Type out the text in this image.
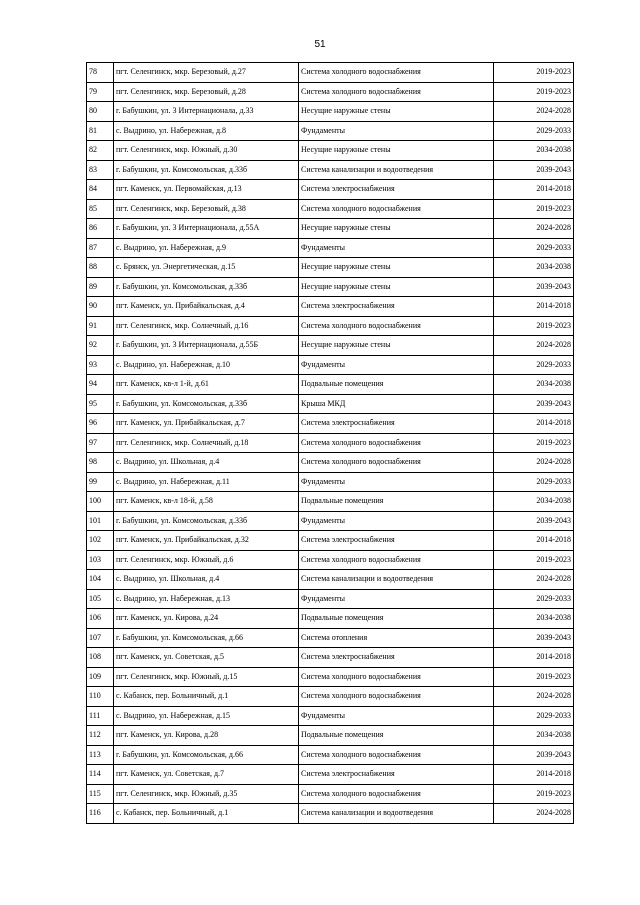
51
78	пгт. Селенгинск, мкр. Березовый, д.27	Система холодного водоснабжения	2019-2023
79	пгт. Селенгинск, мкр. Березовый, д.28	Система холодного водоснабжения	2019-2023
80	г. Бабушкин, ул. 3 Интернационала, д.33	Несущие наружные стены	2024-2028
81	с. Выдрино, ул. Набережная, д.8	Фундаменты	2029-2033
82	пгт. Селенгинск, мкр. Южный, д.30	Несущие наружные стены	2034-2038
83	г. Бабушкин, ул. Комсомольская, д.33б	Система канализации и водоотведения	2039-2043
84	пгт. Каменск, ул. Первомайская, д.13	Система электроснабжения	2014-2018
85	пгт. Селенгинск, мкр. Березовый, д.38	Система холодного водоснабжения	2019-2023
86	г. Бабушкин, ул. 3 Интернационала, д.55А	Несущие наружные стены	2024-2028
87	с. Выдрино, ул. Набережная, д.9	Фундаменты	2029-2033
88	с. Брянск, ул. Энергетическая, д.15	Несущие наружные стены	2034-2038
89	г. Бабушкин, ул. Комсомольская, д.33б	Несущие наружные стены	2039-2043
90	пгт. Каменск, ул. Прибайкальская, д.4	Система электроснабжения	2014-2018
91	пгт. Селенгинск, мкр. Солнечный, д.16	Система холодного водоснабжения	2019-2023
92	г. Бабушкин, ул. 3 Интернационала, д.55Б	Несущие наружные стены	2024-2028
93	с. Выдрино, ул. Набережная, д.10	Фундаменты	2029-2033
94	пгт. Каменск, кв-л 1-й, д.61	Подвальные помещения	2034-2038
95	г. Бабушкин, ул. Комсомольская, д.33б	Крыша МКД	2039-2043
96	пгт. Каменск, ул. Прибайкальская, д.7	Система электроснабжения	2014-2018
97	пгт. Селенгинск, мкр. Солнечный, д.18	Система холодного водоснабжения	2019-2023
98	с. Выдрино, ул. Школьная, д.4	Система холодного водоснабжения	2024-2028
99	с. Выдрино, ул. Набережная, д.11	Фундаменты	2029-2033
100	пгт. Каменск, кв-л 18-й, д.58	Подвальные помещения	2034-2038
101	г. Бабушкин, ул. Комсомольская, д.33б	Фундаменты	2039-2043
102	пгт. Каменск, ул. Прибайкальская, д.32	Система электроснабжения	2014-2018
103	пгт. Селенгинск, мкр. Южный, д.6	Система холодного водоснабжения	2019-2023
104	с. Выдрино, ул. Школьная, д.4	Система канализации и водоотведения	2024-2028
105	с. Выдрино, ул. Набережная, д.13	Фундаменты	2029-2033
106	пгт. Каменск, ул. Кирова, д.24	Подвальные помещения	2034-2038
107	г. Бабушкин, ул. Комсомольская, д.66	Система отопления	2039-2043
108	пгт. Каменск, ул. Советская, д.5	Система электроснабжения	2014-2018
109	пгт. Селенгинск, мкр. Южный, д.15	Система холодного водоснабжения	2019-2023
110	с. Кабанск, пер. Больничный, д.1	Система холодного водоснабжения	2024-2028
111	с. Выдрино, ул. Набережная, д.15	Фундаменты	2029-2033
112	пгт. Каменск, ул. Кирова, д.28	Подвальные помещения	2034-2038
113	г. Бабушкин, ул. Комсомольская, д.66	Система холодного водоснабжения	2039-2043
114	пгт. Каменск, ул. Советская, д.7	Система электроснабжения	2014-2018
115	пгт. Селенгинск, мкр. Южный, д.35	Система холодного водоснабжения	2019-2023
116	с. Кабанск, пер. Больничный, д.1	Система канализации и водоотведения	2024-2028
